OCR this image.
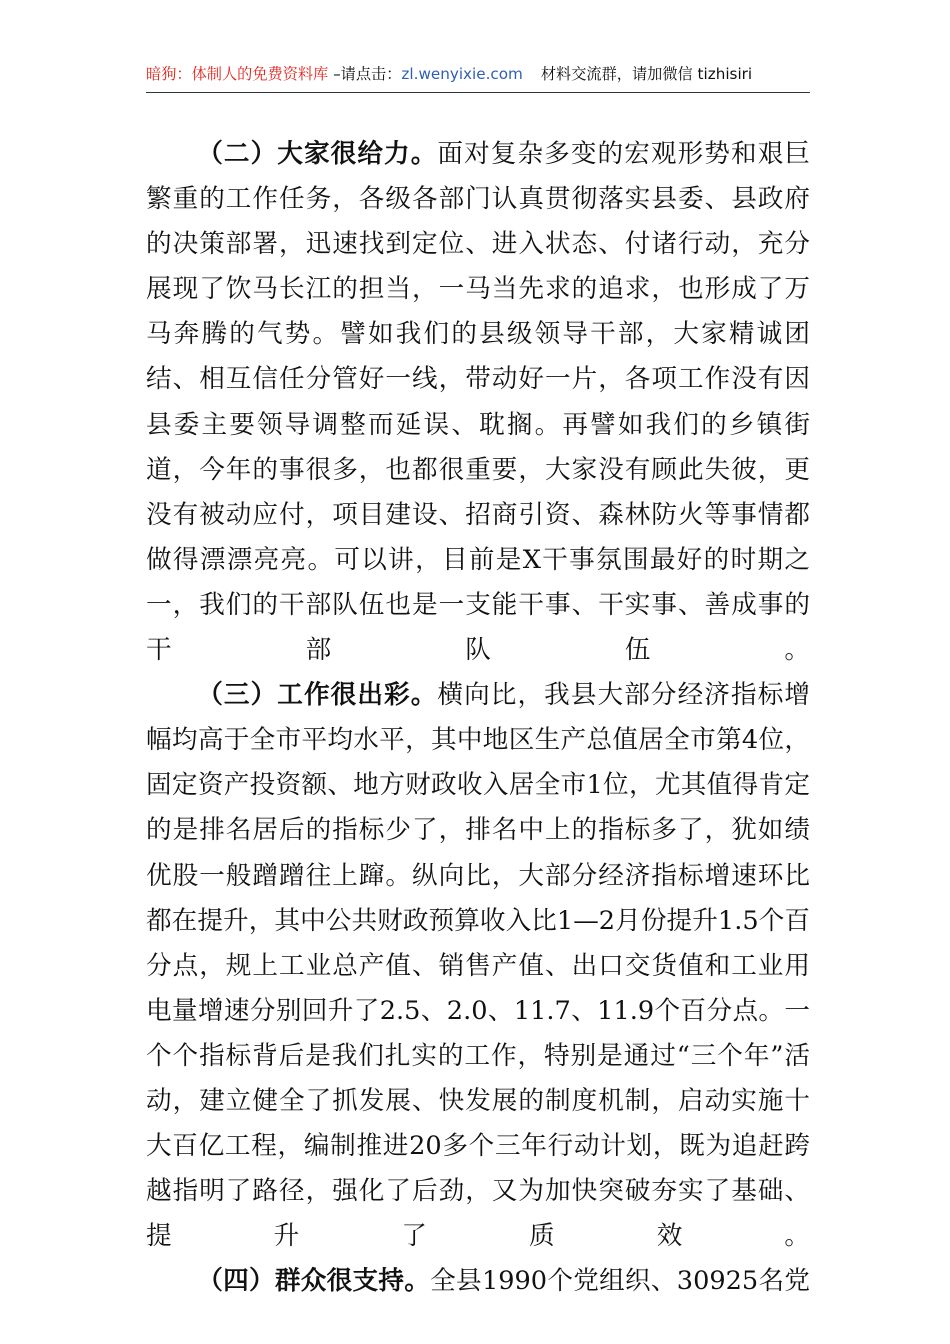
暗狗：体制人的免费资料库 –请点击：zl.wenyixie.com 材料交流群，请加微信 tizhisiri

（二）大家很给力。面对复杂多变的宏观形势和艰巨繁重的工作任务，各级各部门认真贯彻落实县委、县政府的决策部署，迅速找到定位、进入状态、付诸行动，充分展现了饮马长江的担当，一马当先求的追求，也形成了万马奔腾的气势。譬如我们的县级领导干部，大家精诚团结、相互信任分管好一线，带动好一片，各项工作没有因县委主要领导调整而延误、耽搁。再譬如我们的乡镇街道，今年的事很多，也都很重要，大家没有顾此失彼，更没有被动应付，项目建设、招商引资、森林防火等事情都做得漂漂亮亮。可以讲，目前是X干事氛围最好的时期之一，我们的干部队伍也是一支能干事、干实事、善成事的干部队伍。

（三）工作很出彩。横向比，我县大部分经济指标增幅均高于全市平均水平，其中地区生产总值居全市第4位，固定资产投资额、地方财政收入居全市1位，尤其值得肯定的是排名居后的指标少了，排名中上的指标多了，犹如绩优股一般蹭蹭往上蹿。纵向比，大部分经济指标增速环比都在提升，其中公共财政预算收入比1—2月份提升1.5个百分点，规上工业总产值、销售产值、出口交货值和工业用电量增速分别回升了2.5、2.0、11.7、11.9个百分点。一个个指标背后是我们扎实的工作，特别是通过“三个年”活动，建立健全了抓发展、快发展的制度机制，启动实施十大百亿工程，编制推进20多个三年行动计划，既为追赶跨越指明了路径，强化了后劲，又为加快突破夯实了基础、提升了质效。

（四）群众很支持。全县1990个党组织、30925名党
